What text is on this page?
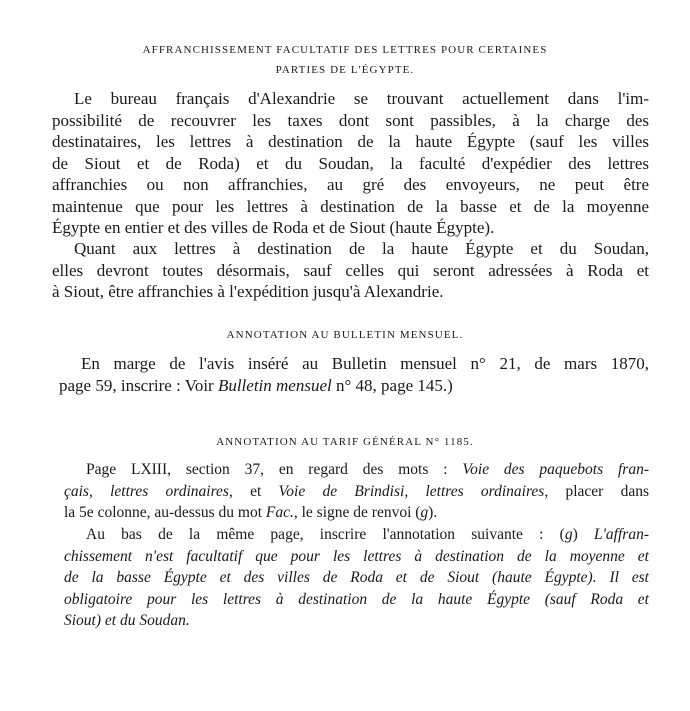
AFFRANCHISSEMENT FACULTATIF DES LETTRES POUR CERTAINES
PARTIES DE L'ÉGYPTE.
Le bureau français d'Alexandrie se trouvant actuellement dans l'im-
possibilité de recouvrer les taxes dont sont passibles, à la charge des
destinataires, les lettres à destination de la haute Égypte (sauf les villes
de Siout et de Roda) et du Soudan, la faculté d'expédier des lettres
affranchies ou non affranchies, au gré des envoyeurs, ne peut être
maintenue que pour les lettres à destination de la basse et de la moyenne
Égypte en entier et des villes de Roda et de Siout (haute Égypte).
Quant aux lettres à destination de la haute Égypte et du Soudan,
elles devront toutes désormais, sauf celles qui seront adressées à Roda et
à Siout, être affranchies à l'expédition jusqu'à Alexandrie.
ANNOTATION AU BULLETIN MENSUEL.
En marge de l'avis inséré au Bulletin mensuel n° 21, de mars 1870,
page 59, inscrire : Voir Bulletin mensuel n° 48, page 145.)
ANNOTATION AU TARIF GÉNÉRAL N° 1185.
Page LXIII, section 37, en regard des mots : Voie des paquebots fran-
çais, lettres ordinaires, et Voie de Brindisi, lettres ordinaires, placer dans
la 5e colonne, au-dessus du mot Fac., le signe de renvoi (g).
Au bas de la même page, inscrire l'annotation suivante : (g) L'affran-
chissement n'est facultatif que pour les lettres à destination de la moyenne et
de la basse Égypte et des villes de Roda et de Siout (haute Égypte). Il est
obligatoire pour les lettres à destination de la haute Égypte (sauf Roda et
Siout) et du Soudan.
